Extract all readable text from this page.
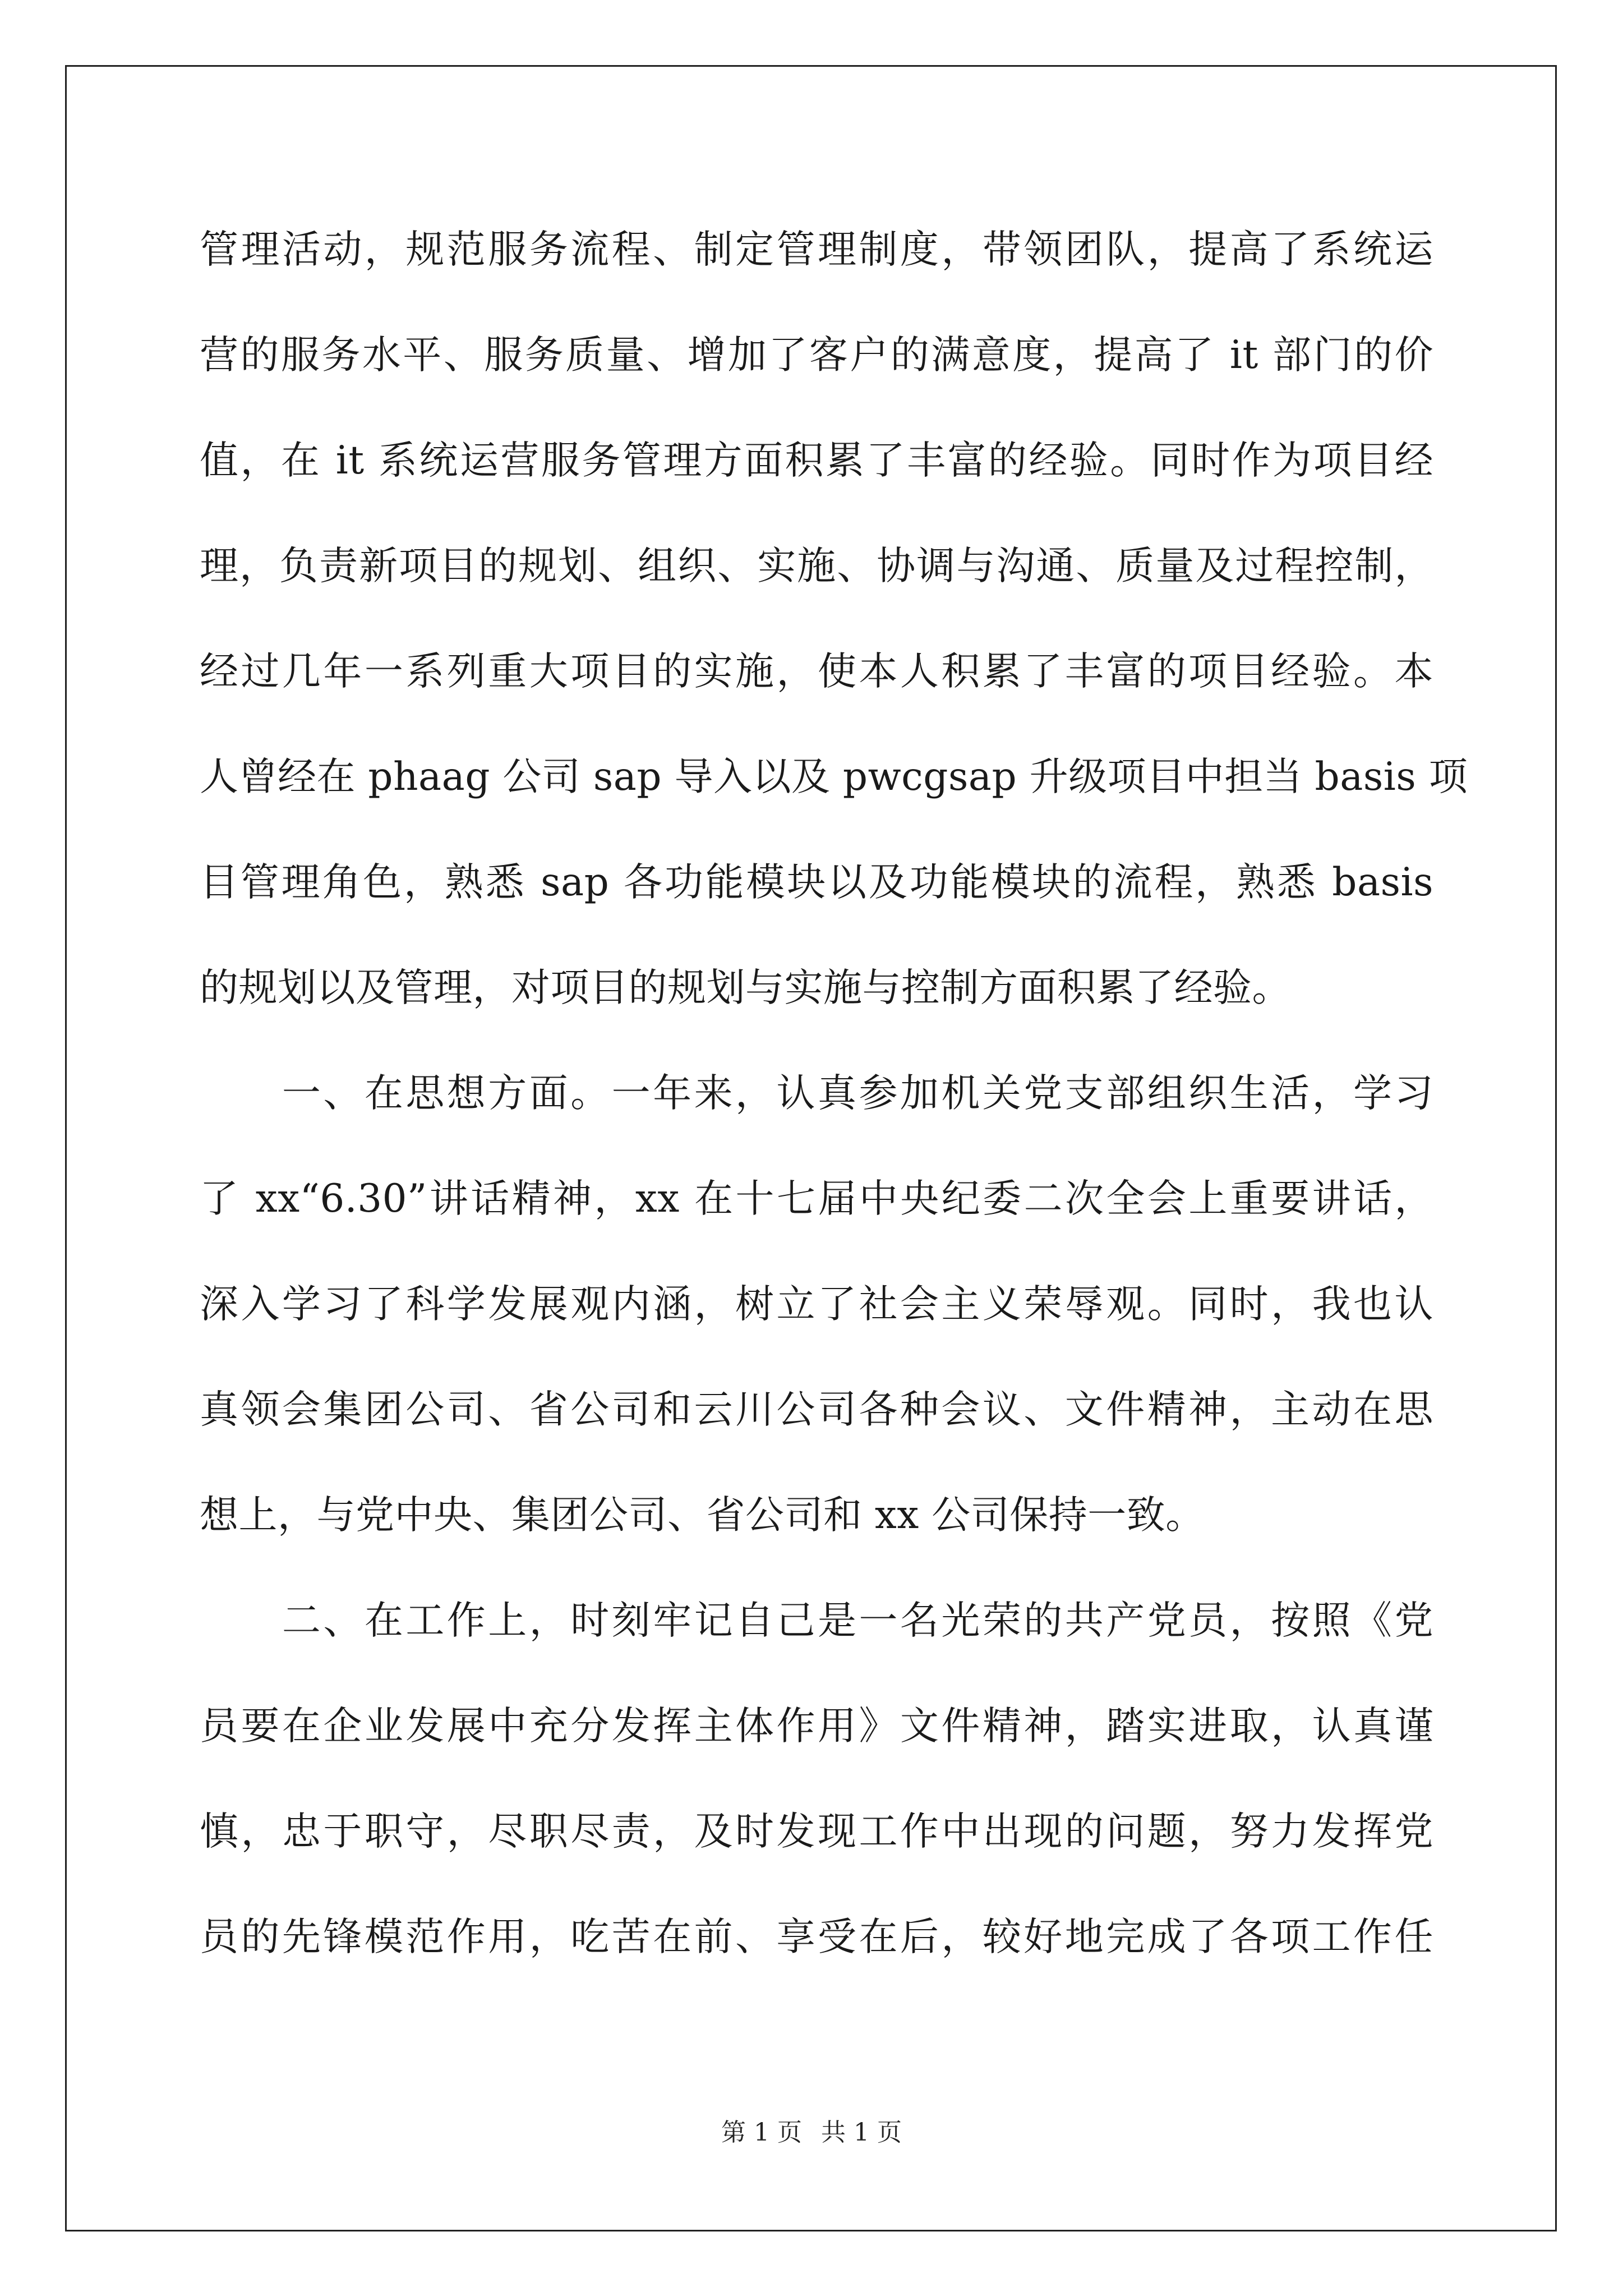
管理活动，规范服务流程、制定管理制度，带领团队，提高了系统运
营的服务水平、服务质量、增加了客户的满意度，提高了 it 部门的价
值，在 it 系统运营服务管理方面积累了丰富的经验。同时作为项目经
理，负责新项目的规划、组织、实施、协调与沟通、质量及过程控制，
经过几年一系列重大项目的实施，使本人积累了丰富的项目经验。本
人曾经在 phaag 公司 sap 导入以及 pwcgsap 升级项目中担当 basis 项
目管理角色，熟悉 sap 各功能模块以及功能模块的流程，熟悉 basis
的规划以及管理，对项目的规划与实施与控制方面积累了经验。
　　一、在思想方面。一年来，认真参加机关党支部组织生活，学习
了 xx“6.30”讲话精神，xx 在十七届中央纪委二次全会上重要讲话，
深入学习了科学发展观内涵，树立了社会主义荣辱观。同时，我也认
真领会集团公司、省公司和云川公司各种会议、文件精神，主动在思
想上，与党中央、集团公司、省公司和 xx 公司保持一致。
　　二、在工作上，时刻牢记自己是一名光荣的共产党员，按照《党
员要在企业发展中充分发挥主体作用》文件精神，踏实进取，认真谨
慎，忠于职守，尽职尽责，及时发现工作中出现的问题，努力发挥党
员的先锋模范作用，吃苦在前、享受在后，较好地完成了各项工作任
第 1 页 共 1 页
